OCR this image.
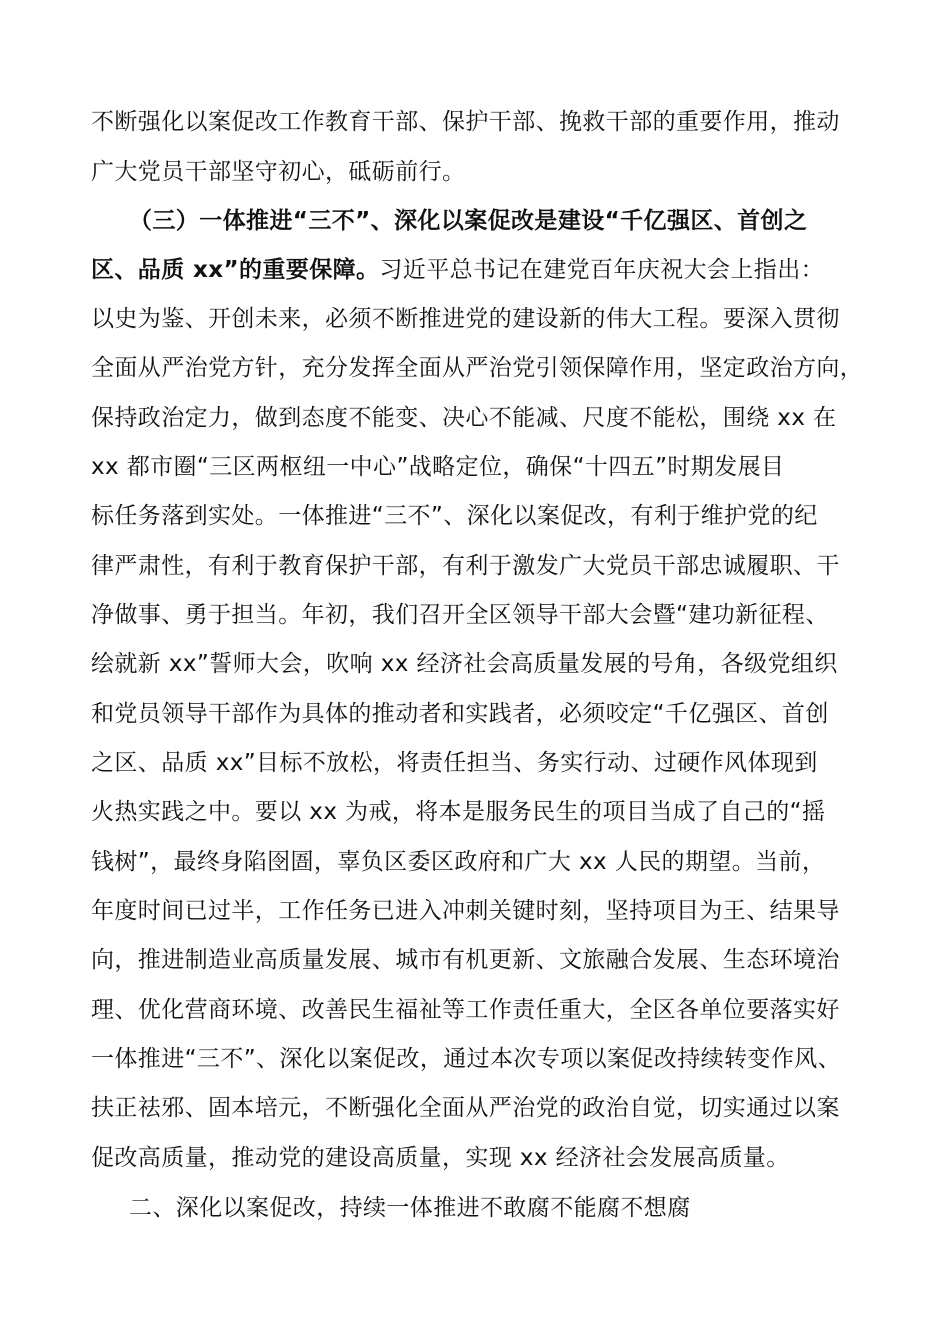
不断强化以案促改工作教育干部、保护干部、挽救干部的重要作用，推动
广大党员干部坚守初心，砥砺前行。
（三）一体推进“三不”、深化以案促改是建设“千亿强区、首创之
区、品质 xx”的重要保障。习近平总书记在建党百年庆祝大会上指出：
以史为鉴、开创未来，必须不断推进党的建设新的伟大工程。要深入贯彻
全面从严治党方针，充分发挥全面从严治党引领保障作用，坚定政治方向，
保持政治定力，做到态度不能变、决心不能减、尺度不能松，围绕 xx 在
xx 都市圈“三区两枢纽一中心”战略定位，确保“十四五”时期发展目
标任务落到实处。一体推进“三不”、深化以案促改，有利于维护党的纪
律严肃性，有利于教育保护干部，有利于激发广大党员干部忠诚履职、干
净做事、勇于担当。年初，我们召开全区领导干部大会暨“建功新征程、
绘就新 xx”誓师大会，吹响 xx 经济社会高质量发展的号角，各级党组织
和党员领导干部作为具体的推动者和实践者，必须咬定“千亿强区、首创
之区、品质 xx”目标不放松，将责任担当、务实行动、过硬作风体现到
火热实践之中。要以 xx 为戒，将本是服务民生的项目当成了自己的“摇
钱树”，最终身陷囹圄，辜负区委区政府和广大 xx 人民的期望。当前，
年度时间已过半，工作任务已进入冲刺关键时刻，坚持项目为王、结果导
向，推进制造业高质量发展、城市有机更新、文旅融合发展、生态环境治
理、优化营商环境、改善民生福祉等工作责任重大，全区各单位要落实好
一体推进“三不”、深化以案促改，通过本次专项以案促改持续转变作风、
扶正祛邪、固本培元，不断强化全面从严治党的政治自觉，切实通过以案
促改高质量，推动党的建设高质量，实现 xx 经济社会发展高质量。
二、深化以案促改，持续一体推进不敢腐不能腐不想腐
